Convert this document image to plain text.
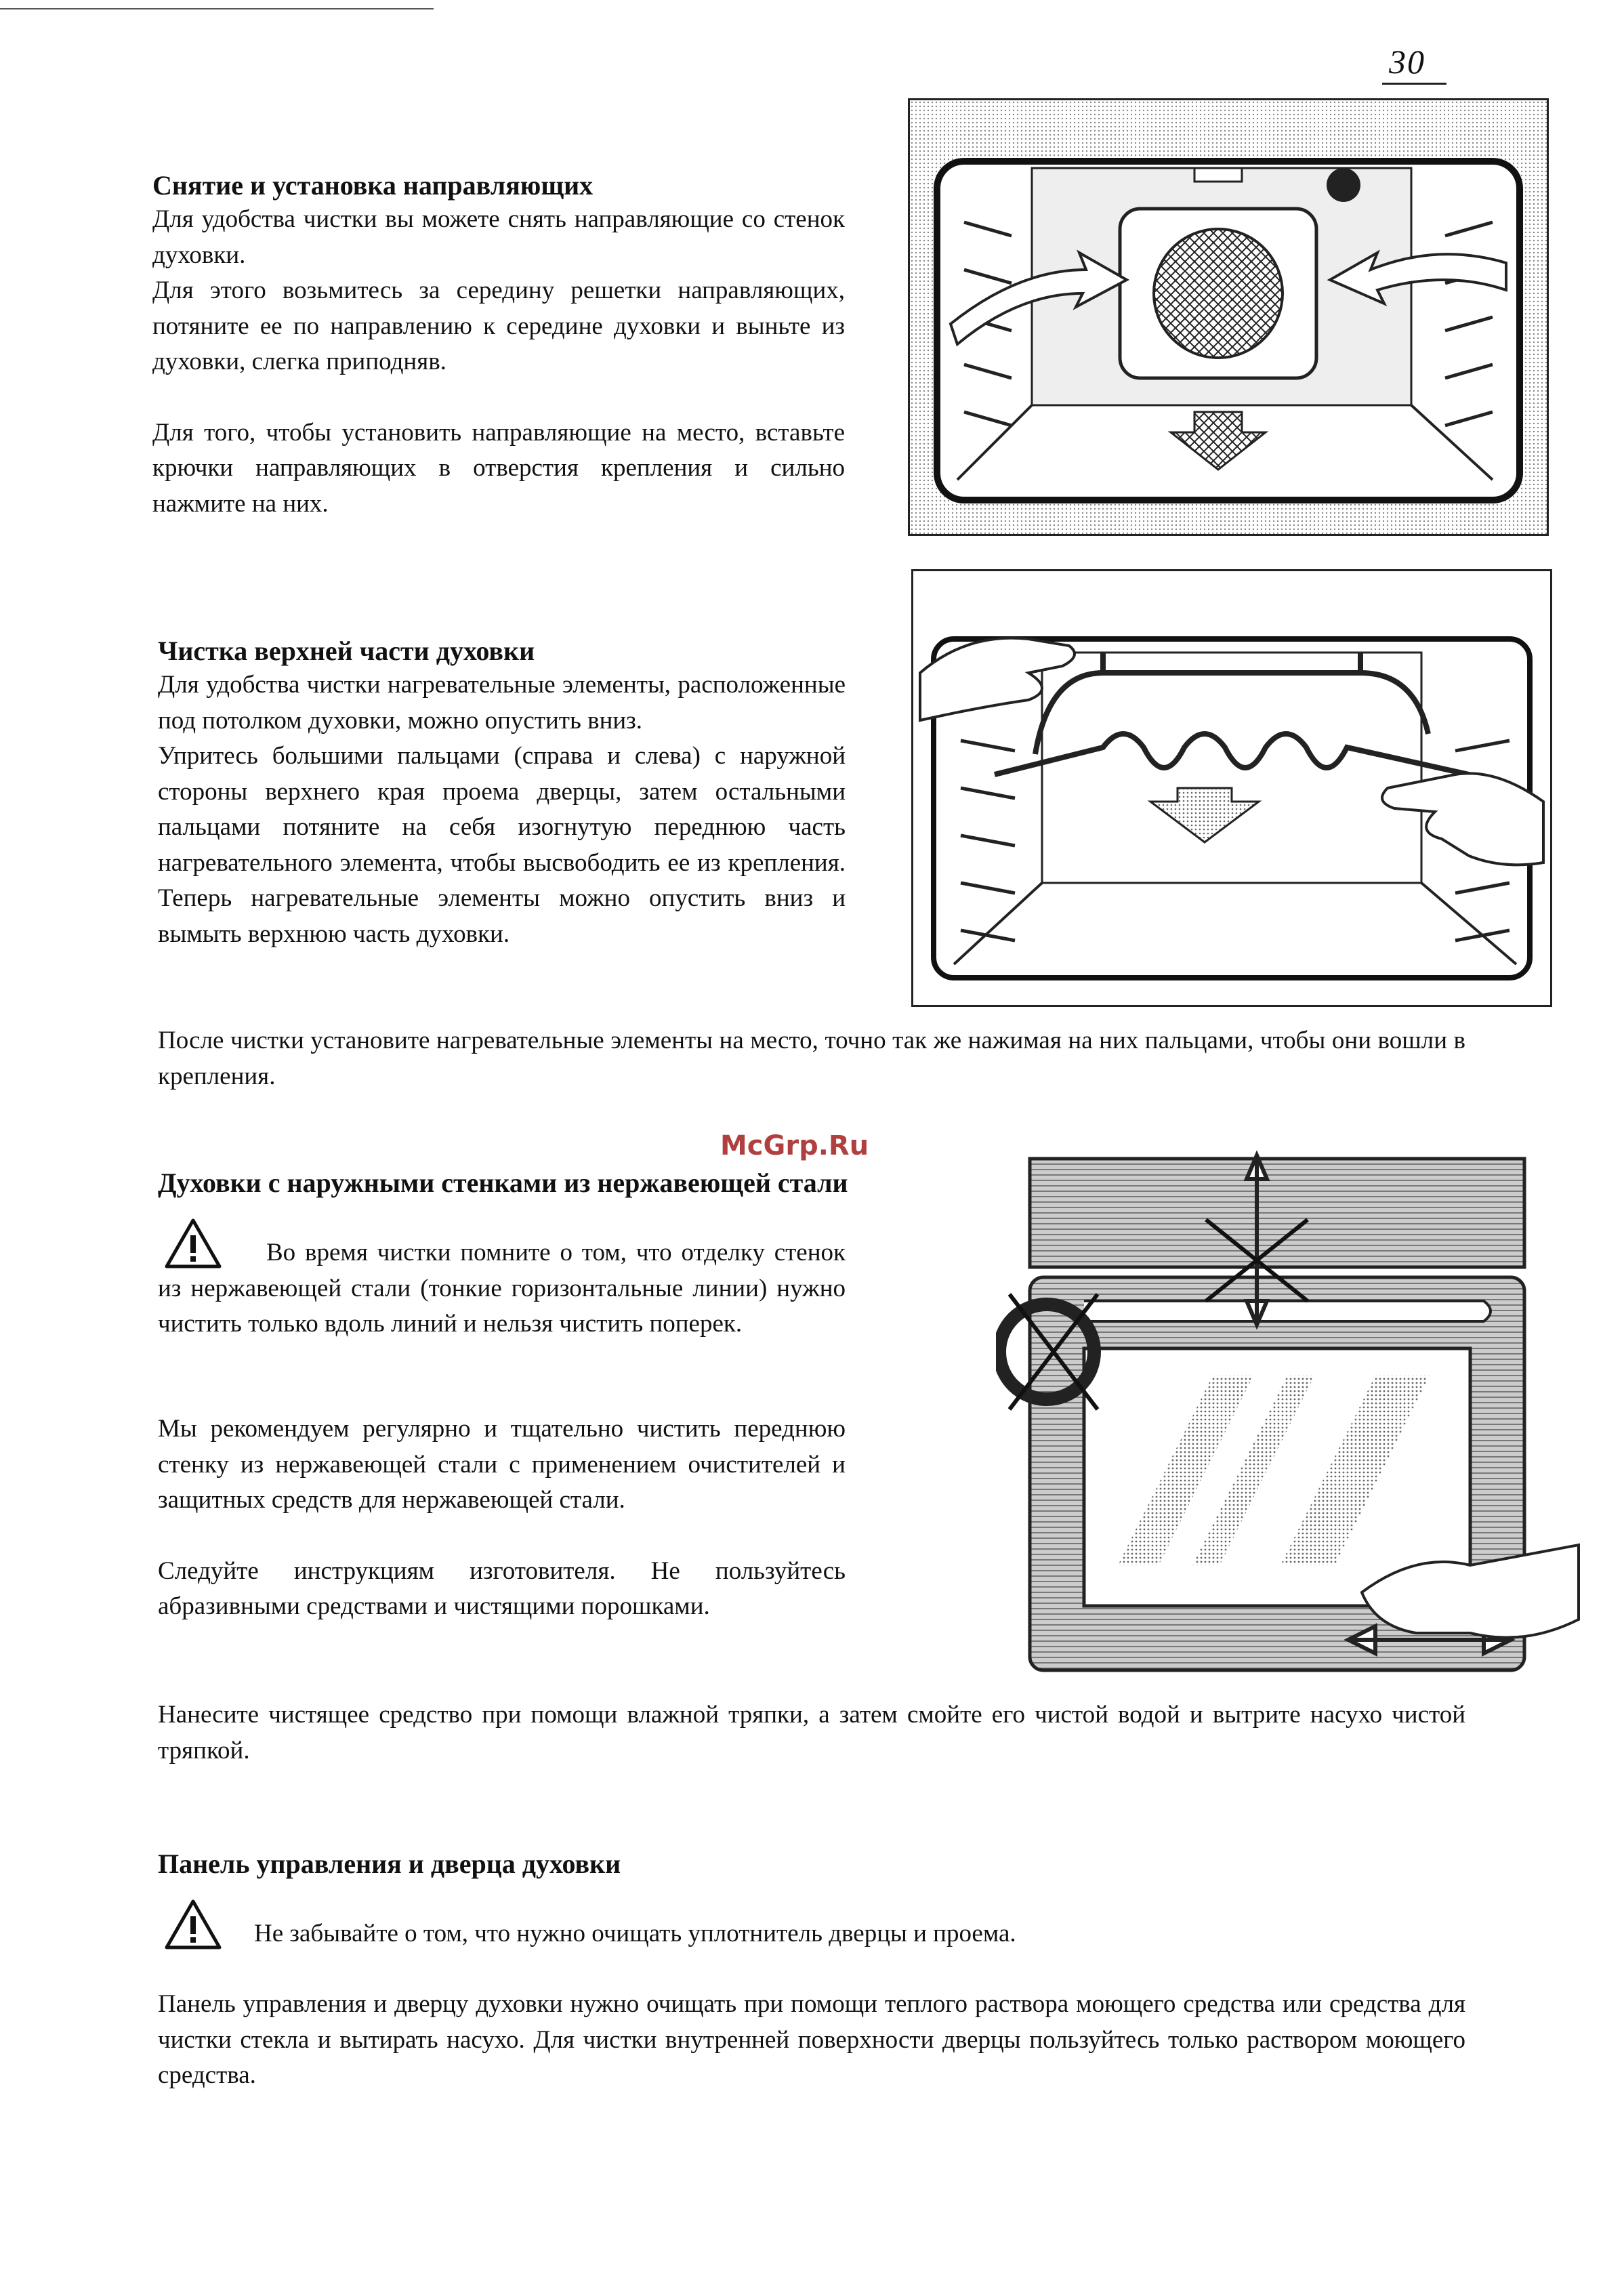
30
Снятие и установка направляющих

Для удобства чистки вы можете снять направляющие со стенок духовки.

Для этого возьмитесь за середину решетки направляющих, потяните ее по направлению к середине духовки и выньте из духовки, слегка приподняв.

Для того, чтобы установить направляющие на место, вставьте крючки направляющих в отверстия крепления и сильно нажмите на них.

Чистка верхней части духовки

Для удобства чистки нагревательные элементы, расположенные под потолком духовки, можно опустить вниз.

Упритесь большими пальцами (справа и слева) с наружной стороны верхнего края проема дверцы, затем остальными пальцами потяните на себя изогнутую переднюю часть нагревательного элемента, чтобы высвободить ее из крепления. Теперь нагревательные элементы можно опустить вниз и вымыть верхнюю часть духовки.

После чистки установите нагревательные элементы на место, точно так же нажимая на них пальцами, чтобы они вошли в крепления.

McGrp.Ru
Духовки с наружными стенками из нержавеющей стали
Во время чистки помните о том, что отделку стенок из нержавеющей стали (тонкие горизонтальные линии) нужно чистить только вдоль линий и нельзя чистить поперек.

Мы рекомендуем регулярно и тщательно чистить переднюю стенку из нержавеющей стали с применением очистителей и защитных средств для нержавеющей стали.

Следуйте инструкциям изготовителя. Не пользуйтесь абразивными средствами и чистящими порошками.

Нанесите чистящее средство при помощи влажной тряпки, а затем смойте его чистой водой и вытрите насухо чистой тряпкой.
Панель управления и дверца духовки
Не забывайте о том, что нужно очищать уплотнитель дверцы и проема.
Панель управления и дверцу духовки нужно очищать при помощи теплого раствора моющего средства или средства для чистки стекла и вытирать насухо. Для чистки внутренней поверхности дверцы пользуйтесь только раствором моющего средства.
